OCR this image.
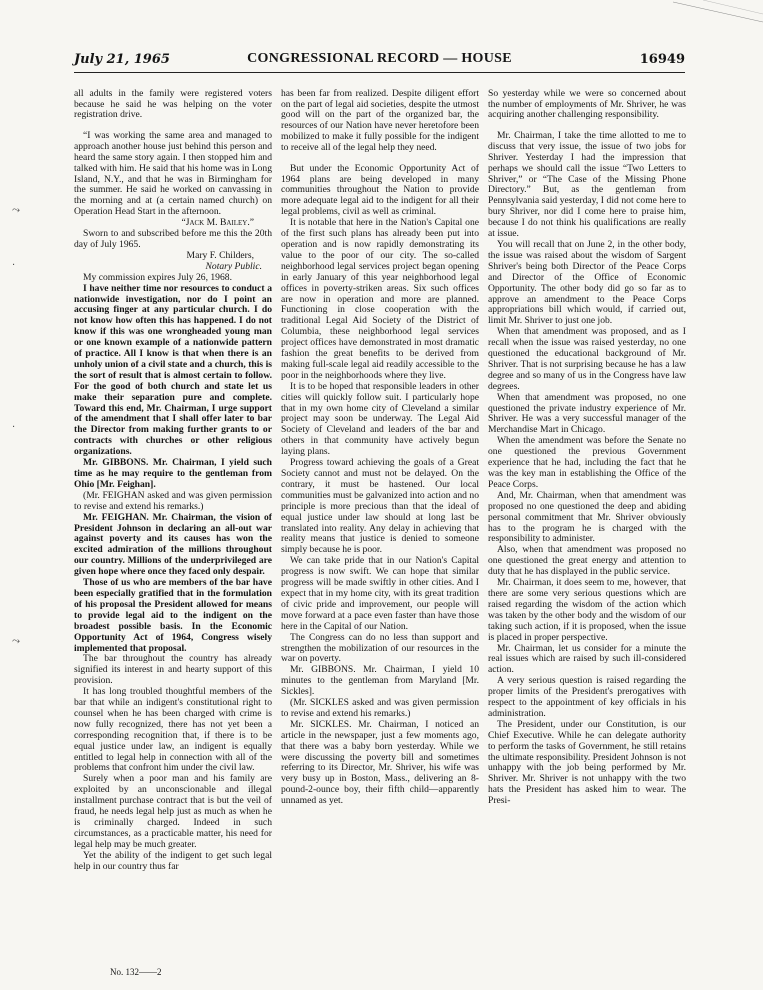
July 21, 1965	CONGRESSIONAL RECORD — HOUSE	16949
⤳
·
·
⤳

all adults in the family were registered voters because he said he was helping on the voter registration drive.

“I was working the same area and managed to approach another house just behind this person and heard the same story again. I then stopped him and talked with him. He said that his home was in Long Island, N.Y., and that he was in Birmingham for the summer. He said he worked on canvassing in the morning and at (a certain named church) on Operation Head Start in the afternoon.

“Jack M. Bailey.”

Sworn to and subscribed before me this the 20th day of July 1965.

Mary F. Childers,

Notary Public.

My commission expires July 26, 1968.

I have neither time nor resources to conduct a nationwide investigation, nor do I point an accusing finger at any particular church. I do not know how often this has happened. I do not know if this was one wrongheaded young man or one known example of a nationwide pattern of practice. All I know is that when there is an unholy union of a civil state and a church, this is the sort of result that is almost certain to follow. For the good of both church and state let us make their separation pure and complete. Toward this end, Mr. Chairman, I urge support of the amendment that I shall offer later to bar the Director from making further grants to or contracts with churches or other religious organizations.

Mr. GIBBONS. Mr. Chairman, I yield such time as he may require to the gentleman from Ohio [Mr. Feighan].

(Mr. FEIGHAN asked and was given permission to revise and extend his remarks.)

Mr. FEIGHAN. Mr. Chairman, the vision of President Johnson in declaring an all-out war against poverty and its causes has won the excited admiration of the millions throughout our country. Millions of the underprivileged are given hope where once they faced only despair.

Those of us who are members of the bar have been especially gratified that in the formulation of his proposal the President allowed for means to provide legal aid to the indigent on the broadest possible basis. In the Economic Opportunity Act of 1964, Congress wisely implemented that proposal.

The bar throughout the country has already signified its interest in and hearty support of this provision.

It has long troubled thoughtful members of the bar that while an indigent's constitutional right to counsel when he has been charged with crime is now fully recognized, there has not yet been a corresponding recognition that, if there is to be equal justice under law, an indigent is equally entitled to legal help in connection with all of the problems that confront him under the civil law.

Surely when a poor man and his family are exploited by an unconscionable and illegal installment purchase contract that is but the veil of fraud, he needs legal help just as much as when he is criminally charged. Indeed in such circumstances, as a practicable matter, his need for legal help may be much greater.

Yet the ability of the indigent to get such legal help in our country thus far

has been far from realized. Despite diligent effort on the part of legal aid societies, despite the utmost good will on the part of the organized bar, the resources of our Nation have never heretofore been mobilized to make it fully possible for the indigent to receive all of the legal help they need.

But under the Economic Opportunity Act of 1964 plans are being developed in many communities throughout the Nation to provide more adequate legal aid to the indigent for all their legal problems, civil as well as criminal.

It is notable that here in the Nation's Capital one of the first such plans has already been put into operation and is now rapidly demonstrating its value to the poor of our city. The so-called neighborhood legal services project began opening in early January of this year neighborhood legal offices in poverty-striken areas. Six such offices are now in operation and more are planned. Functioning in close cooperation with the traditional Legal Aid Society of the District of Columbia, these neighborhood legal services project offices have demonstrated in most dramatic fashion the great benefits to be derived from making full-scale legal aid readily accessible to the poor in the neighborhoods where they live.

It is to be hoped that responsible leaders in other cities will quickly follow suit. I particularly hope that in my own home city of Cleveland a similar project may soon be underway. The Legal Aid Society of Cleveland and leaders of the bar and others in that community have actively begun laying plans.

Progress toward achieving the goals of a Great Society cannot and must not be delayed. On the contrary, it must be hastened. Our local communities must be galvanized into action and no principle is more precious than that the ideal of equal justice under law should at long last be translated into reality. Any delay in achieving that reality means that justice is denied to someone simply because he is poor.

We can take pride that in our Nation's Capital progress is now swift. We can hope that similar progress will be made swiftly in other cities. And I expect that in my home city, with its great tradition of civic pride and improvement, our people will move forward at a pace even faster than have those here in the Capital of our Nation.

The Congress can do no less than support and strengthen the mobilization of our resources in the war on poverty.

Mr. GIBBONS. Mr. Chairman, I yield 10 minutes to the gentleman from Maryland [Mr. Sickles].

(Mr. SICKLES asked and was given permission to revise and extend his remarks.)

Mr. SICKLES. Mr. Chairman, I noticed an article in the newspaper, just a few moments ago, that there was a baby born yesterday. While we were discussing the poverty bill and sometimes referring to its Director, Mr. Shriver, his wife was very busy up in Boston, Mass., delivering an 8-pound-2-ounce boy, their fifth child—apparently unnamed as yet.

So yesterday while we were so concerned about the number of employments of Mr. Shriver, he was acquiring another challenging responsibility.

Mr. Chairman, I take the time allotted to me to discuss that very issue, the issue of two jobs for Shriver. Yesterday I had the impression that perhaps we should call the issue “Two Letters to Shriver,” or “The Case of the Missing Phone Directory.” But, as the gentleman from Pennsylvania said yesterday, I did not come here to bury Shriver, nor did I come here to praise him, because I do not think his qualifications are really at issue.

You will recall that on June 2, in the other body, the issue was raised about the wisdom of Sargent Shriver's being both Director of the Peace Corps and Director of the Office of Economic Opportunity. The other body did go so far as to approve an amendment to the Peace Corps appropriations bill which would, if carried out, limit Mr. Shriver to just one job.

When that amendment was proposed, and as I recall when the issue was raised yesterday, no one questioned the educational background of Mr. Shriver. That is not surprising because he has a law degree and so many of us in the Congress have law degrees.

When that amendment was proposed, no one questioned the private industry experience of Mr. Shriver. He was a very successful manager of the Merchandise Mart in Chicago.

When the amendment was before the Senate no one questioned the previous Government experience that he had, including the fact that he was the key man in establishing the Office of the Peace Corps.

And, Mr. Chairman, when that amendment was proposed no one questioned the deep and abiding personal commitment that Mr. Shriver obviously has to the program he is charged with the responsibility to administer.

Also, when that amendment was proposed no one questioned the great energy and attention to duty that he has displayed in the public service.

Mr. Chairman, it does seem to me, however, that there are some very serious questions which are raised regarding the wisdom of the action which was taken by the other body and the wisdom of our taking such action, if it is proposed, when the issue is placed in proper perspective.

Mr. Chairman, let us consider for a minute the real issues which are raised by such ill-considered action.

A very serious question is raised regarding the proper limits of the President's prerogatives with respect to the appointment of key officials in his administration.

The President, under our Constitution, is our Chief Executive. While he can delegate authority to perform the tasks of Government, he still retains the ultimate responsibility. President Johnson is not unhappy with the job being performed by Mr. Shriver. Mr. Shriver is not unhappy with the two hats the President has asked him to wear. The Presi-

No. 132——2
